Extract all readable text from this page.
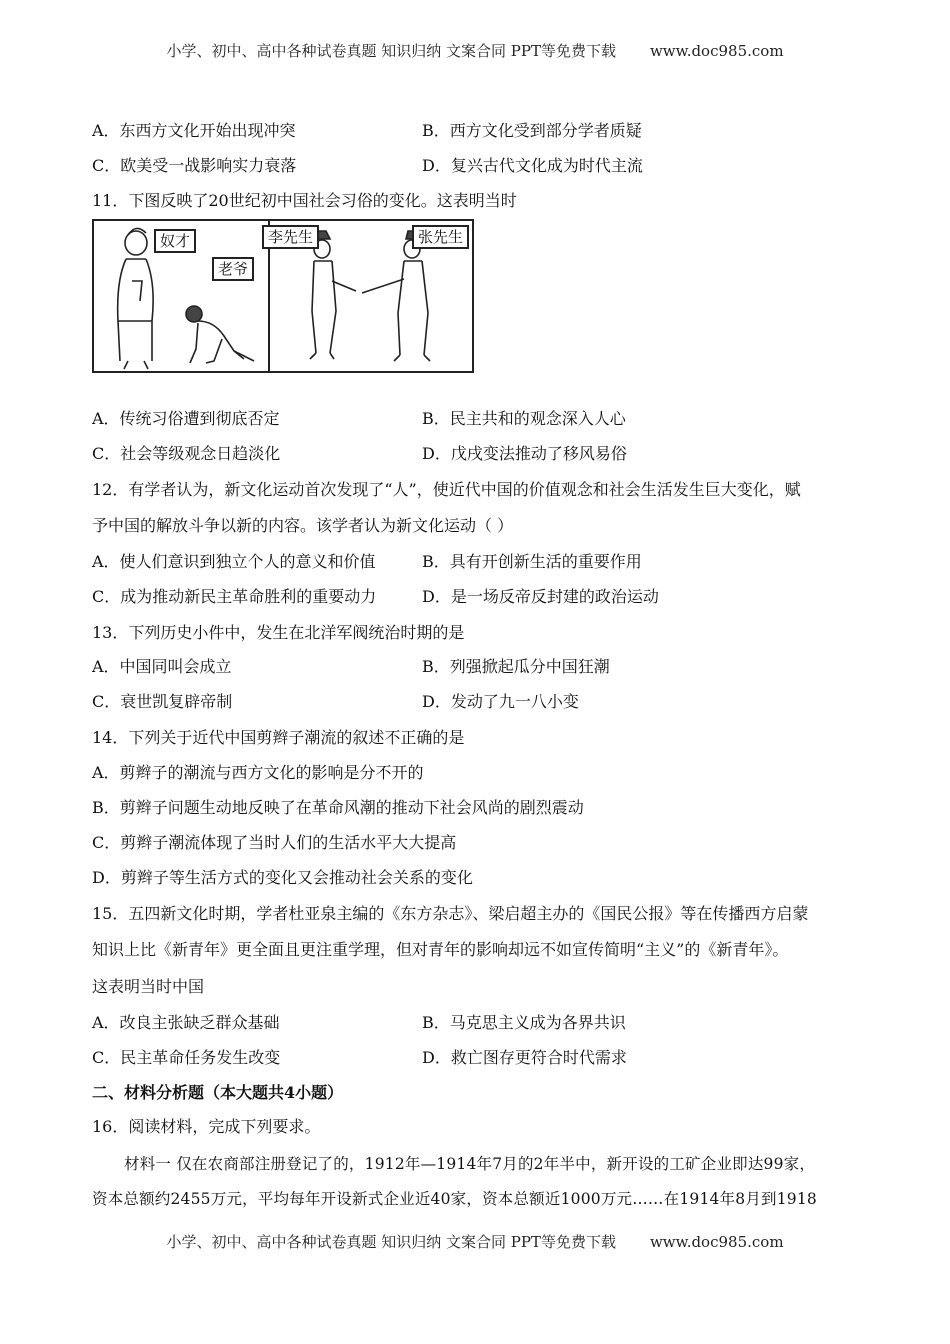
小学、初中、高中各种试卷真题 知识归纳 文案合同 PPT等免费下载 www.doc985.com
A．东西方文化开始出现冲突	B．西方文化受到部分学者质疑
C．欧美受一战影响实力衰落	D．复兴古代文化成为时代主流
11．下图反映了20世纪初中国社会习俗的变化。这表明当时
奴才
老爷
李先生	张先生
A．传统习俗遭到彻底否定	B．民主共和的观念深入人心
C．社会等级观念日趋淡化	D．戊戌变法推动了移风易俗
12．有学者认为，新文化运动首次发现了“人”，使近代中国的价值观念和社会生活发生巨大变化，赋
予中国的解放斗争以新的内容。该学者认为新文化运动（ ）
A．使人们意识到独立个人的意义和价值	B．具有开创新生活的重要作用
C．成为推动新民主革命胜利的重要动力	D．是一场反帝反封建的政治运动
13．下列历史小件中，发生在北洋军阀统治时期的是
A．中国同叫会成立	B．列强掀起瓜分中国狂潮
C．衰世凯复辟帝制	D．发动了九一八小变
14．下列关于近代中国剪辫子潮流的叙述不正确的是
A．剪辫子的潮流与西方文化的影响是分不开的
B．剪辫子问题生动地反映了在革命风潮的推动下社会风尚的剧烈震动
C．剪辫子潮流体现了当时人们的生活水平大大提高
D．剪辫子等生活方式的变化又会推动社会关系的变化
15．五四新文化时期，学者杜亚泉主编的《东方杂志》、梁启超主办的《国民公报》等在传播西方启蒙
知识上比《新青年》更全面且更注重学理，但对青年的影响却远不如宣传简明“主义”的《新青年》。
这表明当时中国
A．改良主张缺乏群众基础	B．马克思主义成为各界共识
C．民主革命任务发生改变	D．救亡图存更符合时代需求
二、材料分析题（本大题共4小题）
16．阅读材料，完成下列要求。
材料一 仅在农商部注册登记了的，1912年—1914年7月的2年半中，新开设的工矿企业即达99家，
资本总额约2455万元，平均每年开设新式企业近40家，资本总额近1000万元……在1914年8月到1918
小学、初中、高中各种试卷真题 知识归纳 文案合同 PPT等免费下载 www.doc985.com
